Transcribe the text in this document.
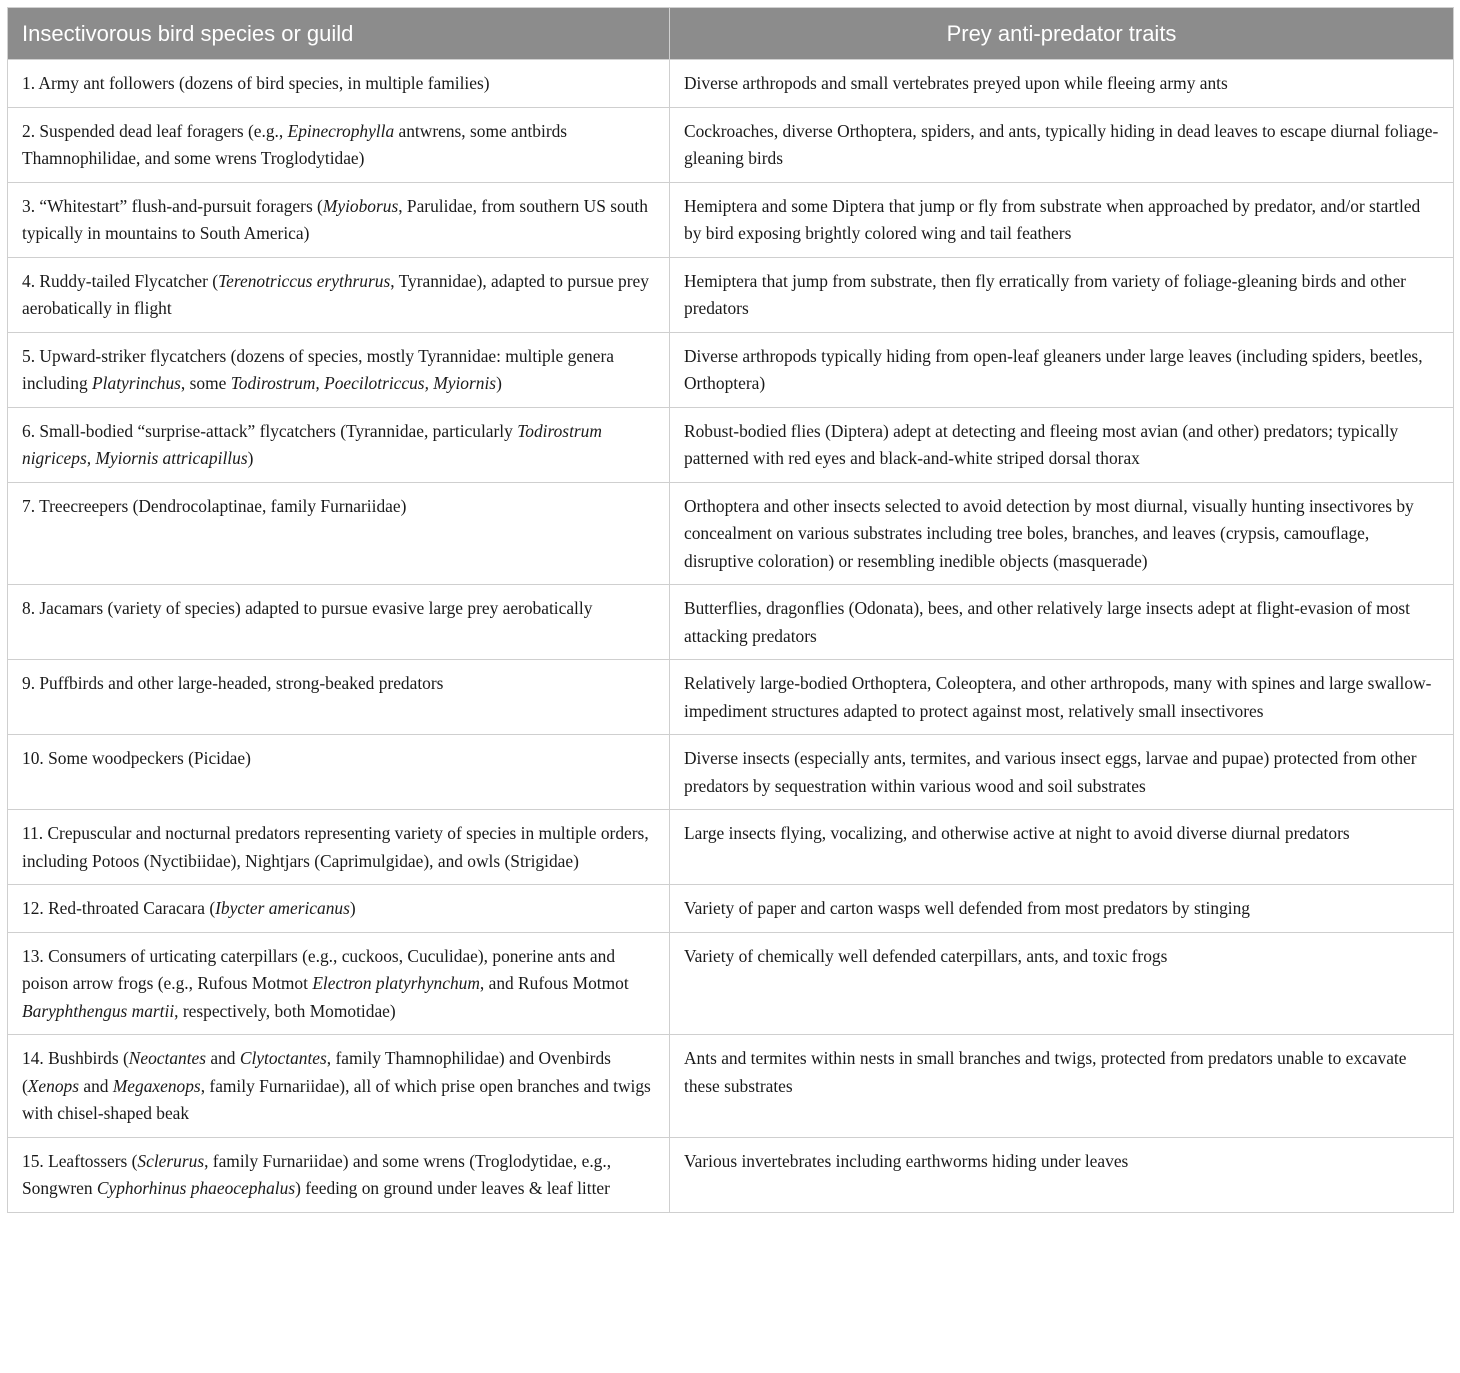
Insectivorous bird species or guild	Prey anti-predator traits
1. Army ant followers (dozens of bird species, in multiple families)	Diverse arthropods and small vertebrates preyed upon while fleeing army ants
2. Suspended dead leaf foragers (e.g., Epinecrophylla antwrens, some antbirds Thamnophilidae, and some wrens Troglodytidae)	Cockroaches, diverse Orthoptera, spiders, and ants, typically hiding in dead leaves to escape diurnal foliage-gleaning birds
3. “Whitestart” flush-and-pursuit foragers (Myioborus, Parulidae, from southern US south typically in mountains to South America)	Hemiptera and some Diptera that jump or fly from substrate when approached by predator, and/or startled by bird exposing brightly colored wing and tail feathers
4. Ruddy-tailed Flycatcher (Terenotriccus erythrurus, Tyrannidae), adapted to pursue prey aerobatically in flight	Hemiptera that jump from substrate, then fly erratically from variety of foliage-gleaning birds and other predators
5. Upward-striker flycatchers (dozens of species, mostly Tyrannidae: multiple genera including Platyrinchus, some Todirostrum, Poecilotriccus, Myiornis)	Diverse arthropods typically hiding from open-leaf gleaners under large leaves (including spiders, beetles, Orthoptera)
6. Small-bodied “surprise-attack” flycatchers (Tyrannidae, particularly Todirostrum nigriceps, Myiornis attricapillus)	Robust-bodied flies (Diptera) adept at detecting and fleeing most avian (and other) predators; typically patterned with red eyes and black-and-white striped dorsal thorax
7. Treecreepers (Dendrocolaptinae, family Furnariidae)	Orthoptera and other insects selected to avoid detection by most diurnal, visually hunting insectivores by concealment on various substrates including tree boles, branches, and leaves (crypsis, camouflage, disruptive coloration) or resembling inedible objects (masquerade)
8. Jacamars (variety of species) adapted to pursue evasive large prey aerobatically	Butterflies, dragonflies (Odonata), bees, and other relatively large insects adept at flight-evasion of most attacking predators
9. Puffbirds and other large-headed, strong-beaked predators	Relatively large-bodied Orthoptera, Coleoptera, and other arthropods, many with spines and large swallow-impediment structures adapted to protect against most, relatively small insectivores
10. Some woodpeckers (Picidae)	Diverse insects (especially ants, termites, and various insect eggs, larvae and pupae) protected from other predators by sequestration within various wood and soil substrates
11. Crepuscular and nocturnal predators representing variety of species in multiple orders, including Potoos (Nyctibiidae), Nightjars (Caprimulgidae), and owls (Strigidae)	Large insects flying, vocalizing, and otherwise active at night to avoid diverse diurnal predators
12. Red-throated Caracara (Ibycter americanus)	Variety of paper and carton wasps well defended from most predators by stinging
13. Consumers of urticating caterpillars (e.g., cuckoos, Cuculidae), ponerine ants and poison arrow frogs (e.g., Rufous Motmot Electron platyrhynchum, and Rufous Motmot Baryphthengus martii, respectively, both Momotidae)	Variety of chemically well defended caterpillars, ants, and toxic frogs
14. Bushbirds (Neoctantes and Clytoctantes, family Thamnophilidae) and Ovenbirds (Xenops and Megaxenops, family Furnariidae), all of which prise open branches and twigs with chisel-shaped beak	Ants and termites within nests in small branches and twigs, protected from predators unable to excavate these substrates
15. Leaftossers (Sclerurus, family Furnariidae) and some wrens (Troglodytidae, e.g., Songwren Cyphorhinus phaeocephalus) feeding on ground under leaves & leaf litter	Various invertebrates including earthworms hiding under leaves
